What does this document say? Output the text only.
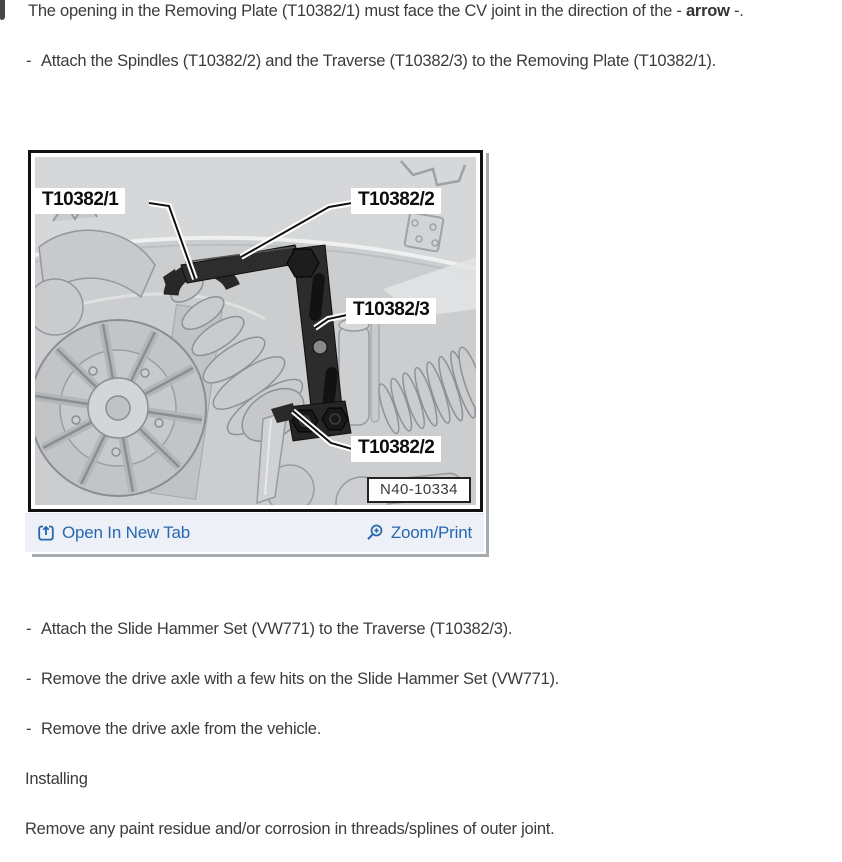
The opening in the Removing Plate (T10382/1) must face the CV joint in the direction of the - arrow -.
- Attach the Spindles (T10382/2) and the Traverse (T10382/3) to the Removing Plate (T10382/1).
T10382/1	T10382/2
T10382/3
T10382/2
N40-10334
Open In New Tab	Zoom/Print
- Attach the Slide Hammer Set (VW771) to the Traverse (T10382/3).
- Remove the drive axle with a few hits on the Slide Hammer Set (VW771).
- Remove the drive axle from the vehicle.
Installing
Remove any paint residue and/or corrosion in threads/splines of outer joint.
